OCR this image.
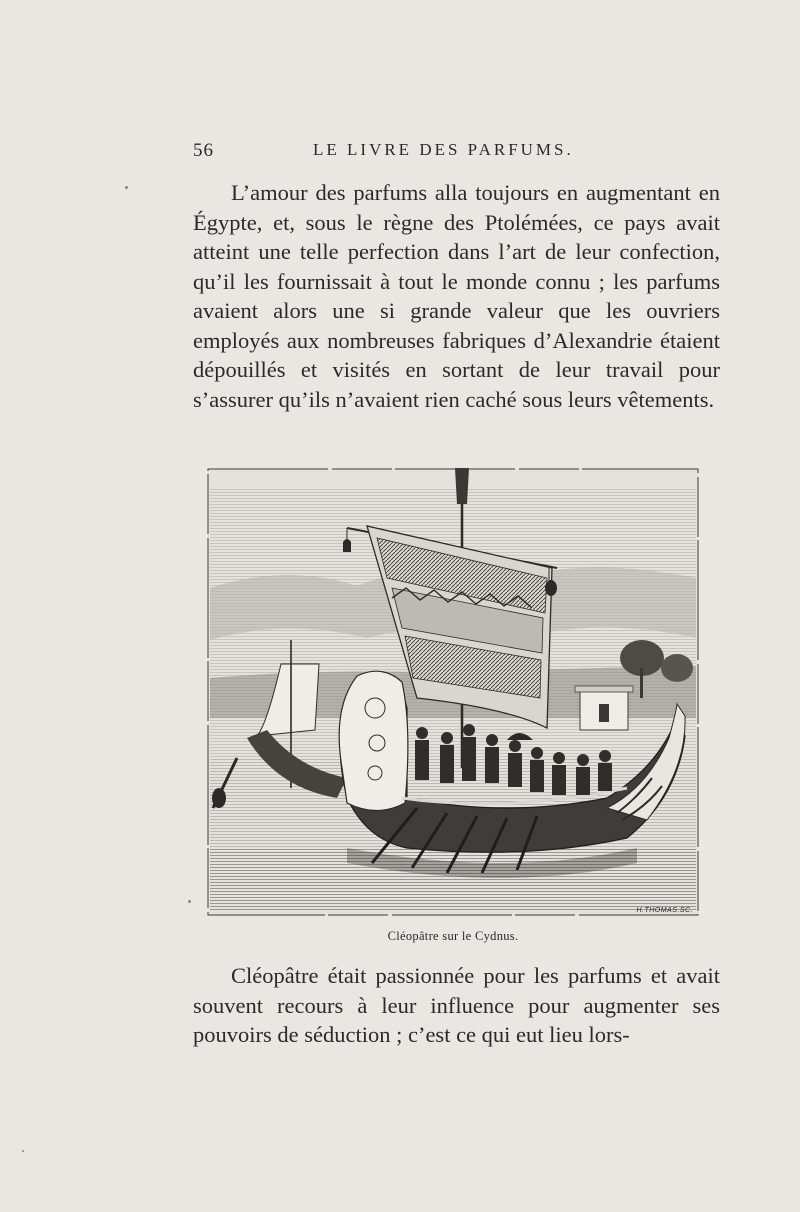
56	LE LIVRE DES PARFUMS.

L’amour des parfums alla toujours en augmentant en Égypte, et, sous le règne des Ptolémées, ce pays avait atteint une telle perfection dans l’art de leur confection, qu’il les fournissait à tout le monde connu ; les parfums avaient alors une si grande valeur que les ouvriers employés aux nombreuses fabriques d’Alexandrie étaient dépouillés et visités en sortant de leur travail pour s’assurer qu’ils n’avaient rien caché sous leurs vêtements.

H.THOMAS.SC.
Cléopâtre sur le Cydnus.

Cléopâtre était passionnée pour les parfums et avait souvent recours à leur influence pour augmenter ses pouvoirs de séduction ; c’est ce qui eut lieu lors-
